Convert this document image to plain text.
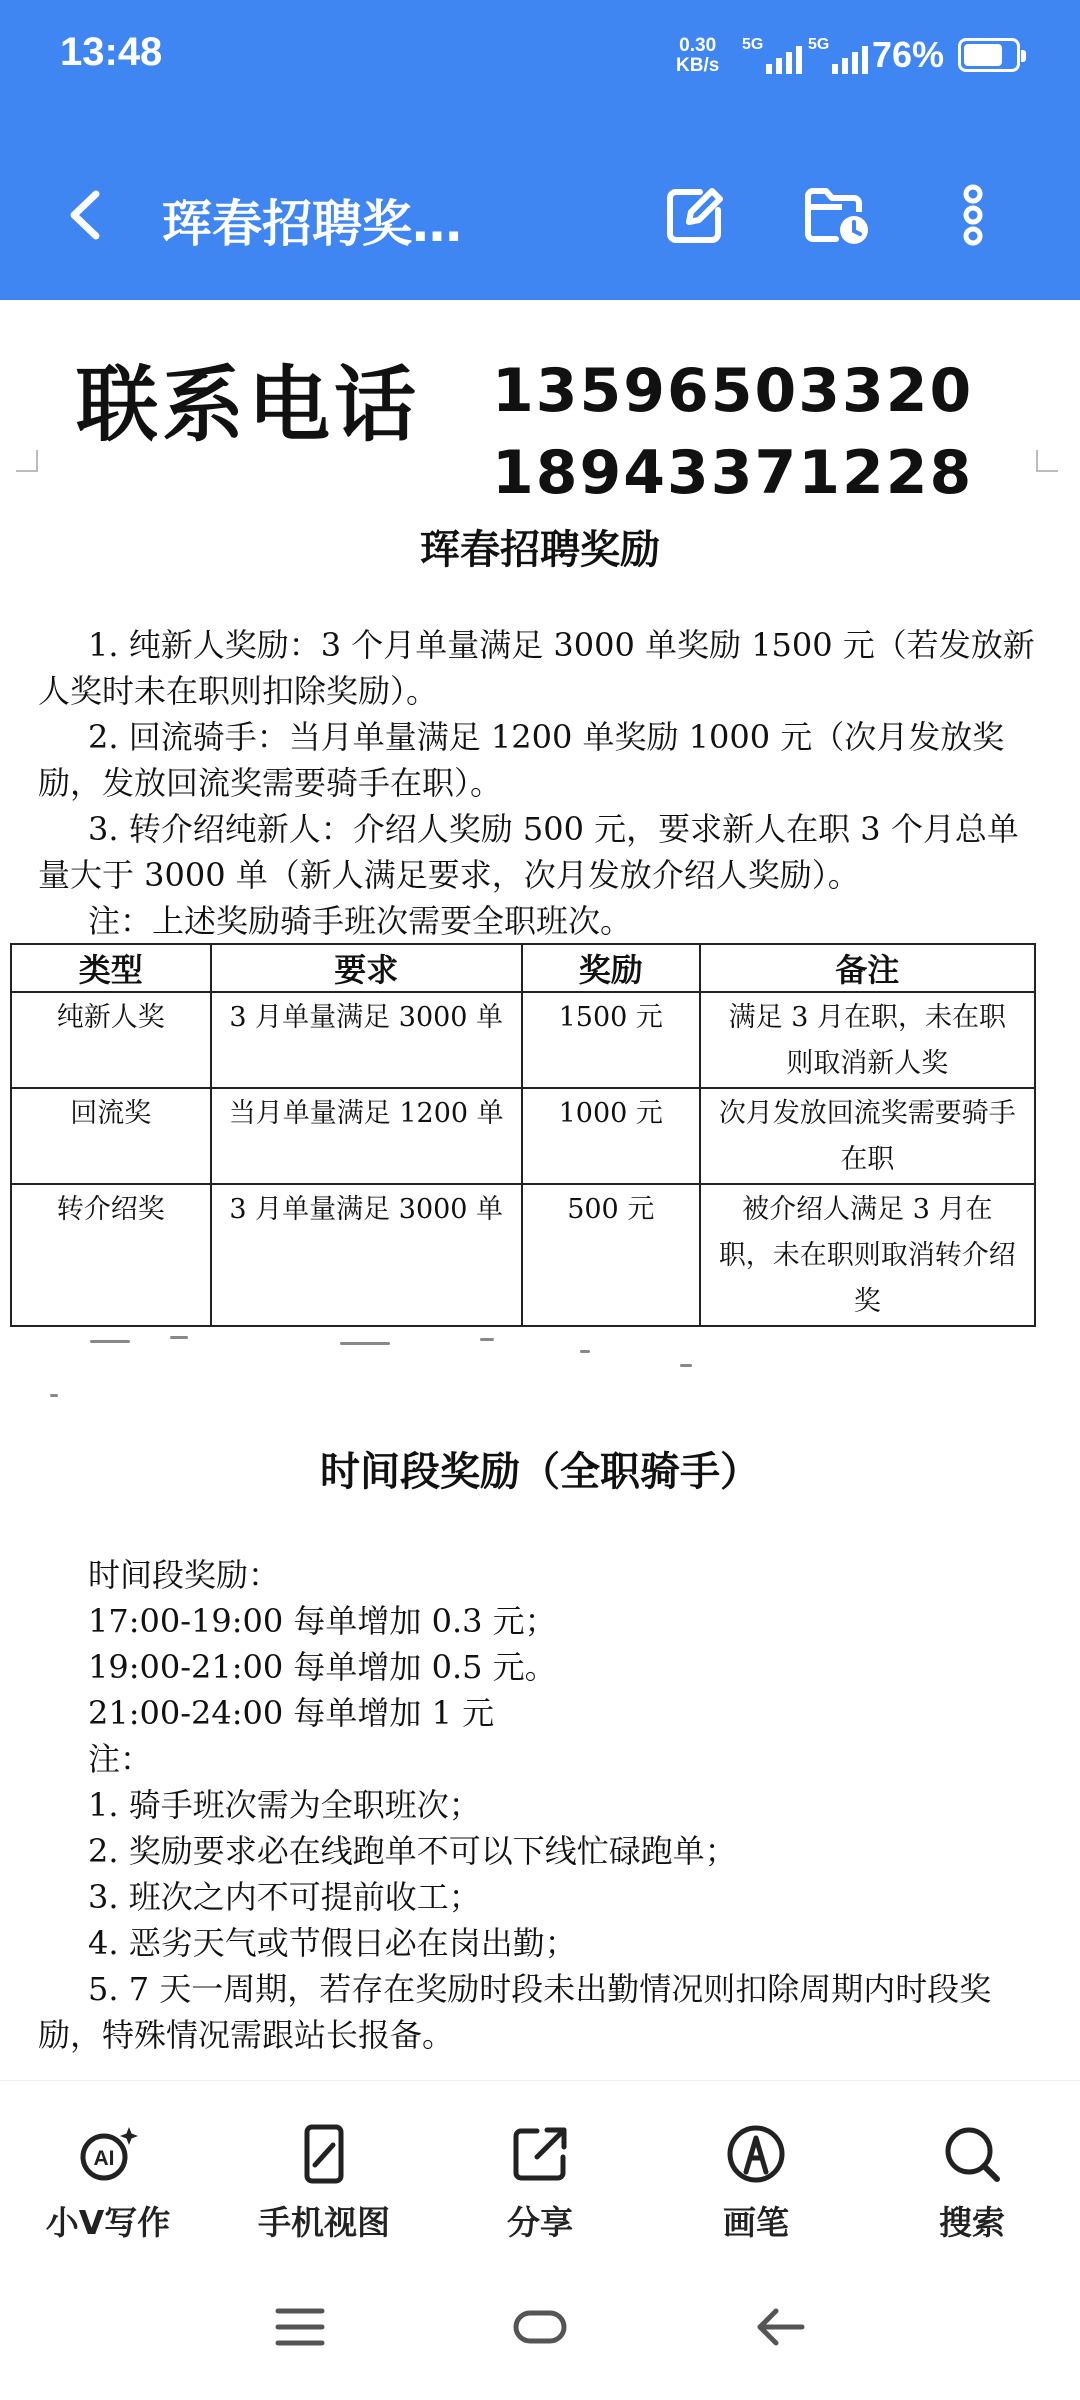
13:48	0.30
KB/s
5G	5G 76%
珲春招聘奖…
联系电话 13596503320
18943371228
珲春招聘奖励
1. 纯新人奖励：3 个月单量满足 3000 单奖励 1500 元（若发放新人奖时未在职则扣除奖励）。
2. 回流骑手：当月单量满足 1200 单奖励 1000 元（次月发放奖励，发放回流奖需要骑手在职）。
3. 转介绍纯新人：介绍人奖励 500 元，要求新人在职 3 个月总单量大于 3000 单（新人满足要求，次月发放介绍人奖励）。
注：上述奖励骑手班次需要全职班次。
类型	要求	奖励	备注
纯新人奖	3 月单量满足 3000 单	1500 元	满足 3 月在职，未在职则取消新人奖
回流奖	当月单量满足 1200 单	1000 元	次月发放回流奖需要骑手在职
转介绍奖	3 月单量满足 3000 单	500 元	被介绍人满足 3 月在职，未在职则取消转介绍奖
时间段奖励（全职骑手）
时间段奖励：
17:00-19:00 每单增加 0.3 元；
19:00-21:00 每单增加 0.5 元。
21:00-24:00 每单增加 1 元
注：
1. 骑手班次需为全职班次；
2. 奖励要求必在线跑单不可以下线忙碌跑单；
3. 班次之内不可提前收工；
4. 恶劣天气或节假日必在岗出勤；
5. 7 天一周期，若存在奖励时段未出勤情况则扣除周期内时段奖励，特殊情况需跟站长报备。
AI
小V写作	手机视图	分享	画笔	搜索
